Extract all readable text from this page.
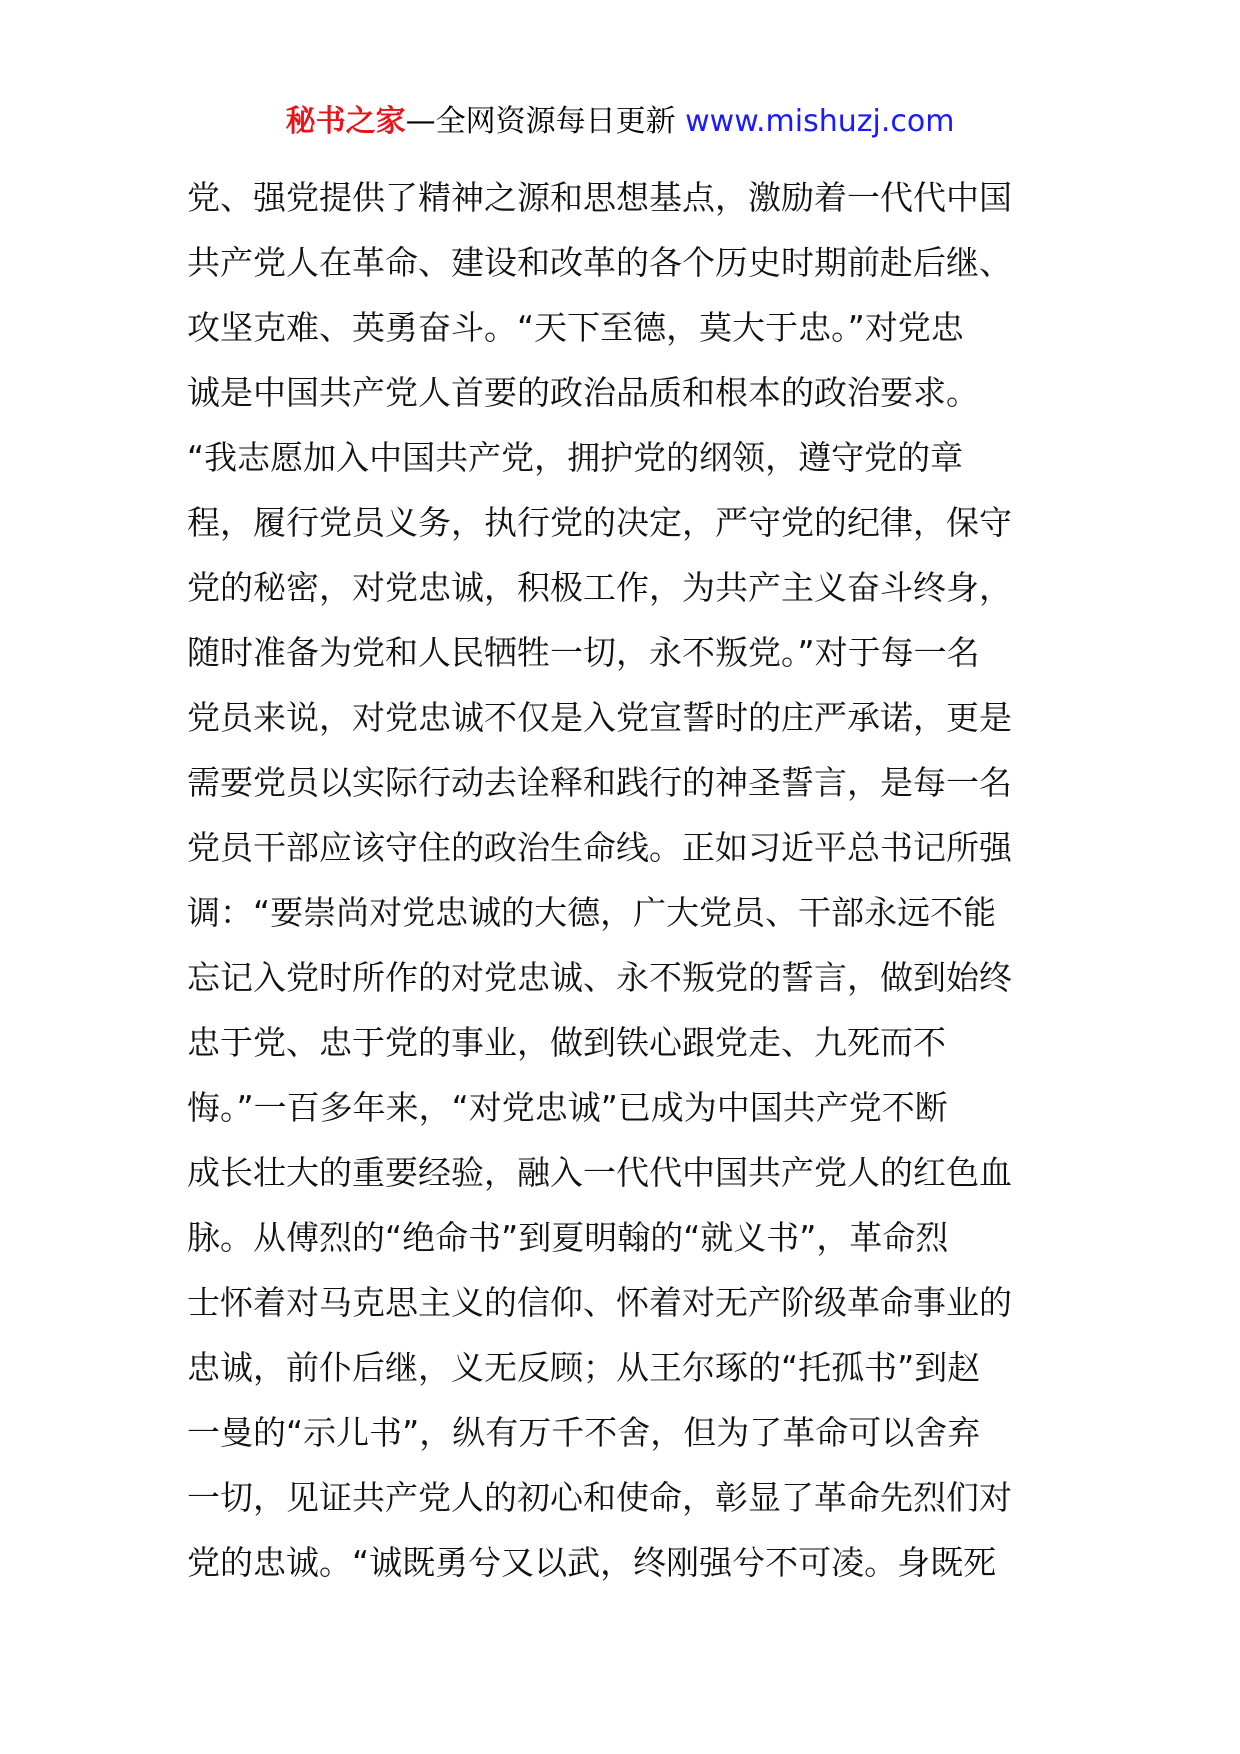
秘书之家—全网资源每日更新 www.mishuzj.com
党、强党提供了精神之源和思想基点，激励着一代代中国
共产党人在革命、建设和改革的各个历史时期前赴后继、
攻坚克难、英勇奋斗。“天下至德，莫大于忠。”对党忠
诚是中国共产党人首要的政治品质和根本的政治要求。
“我志愿加入中国共产党，拥护党的纲领，遵守党的章
程，履行党员义务，执行党的决定，严守党的纪律，保守
党的秘密，对党忠诚，积极工作，为共产主义奋斗终身，
随时准备为党和人民牺牲一切，永不叛党。”对于每一名
党员来说，对党忠诚不仅是入党宣誓时的庄严承诺，更是
需要党员以实际行动去诠释和践行的神圣誓言，是每一名
党员干部应该守住的政治生命线。正如习近平总书记所强
调：“要崇尚对党忠诚的大德，广大党员、干部永远不能
忘记入党时所作的对党忠诚、永不叛党的誓言，做到始终
忠于党、忠于党的事业，做到铁心跟党走、九死而不
悔。”一百多年来，“对党忠诚”已成为中国共产党不断
成长壮大的重要经验，融入一代代中国共产党人的红色血
脉。从傅烈的“绝命书”到夏明翰的“就义书”，革命烈
士怀着对马克思主义的信仰、怀着对无产阶级革命事业的
忠诚，前仆后继，义无反顾；从王尔琢的“托孤书”到赵
一曼的“示儿书”，纵有万千不舍，但为了革命可以舍弃
一切，见证共产党人的初心和使命，彰显了革命先烈们对
党的忠诚。“诚既勇兮又以武，终刚强兮不可凌。身既死
